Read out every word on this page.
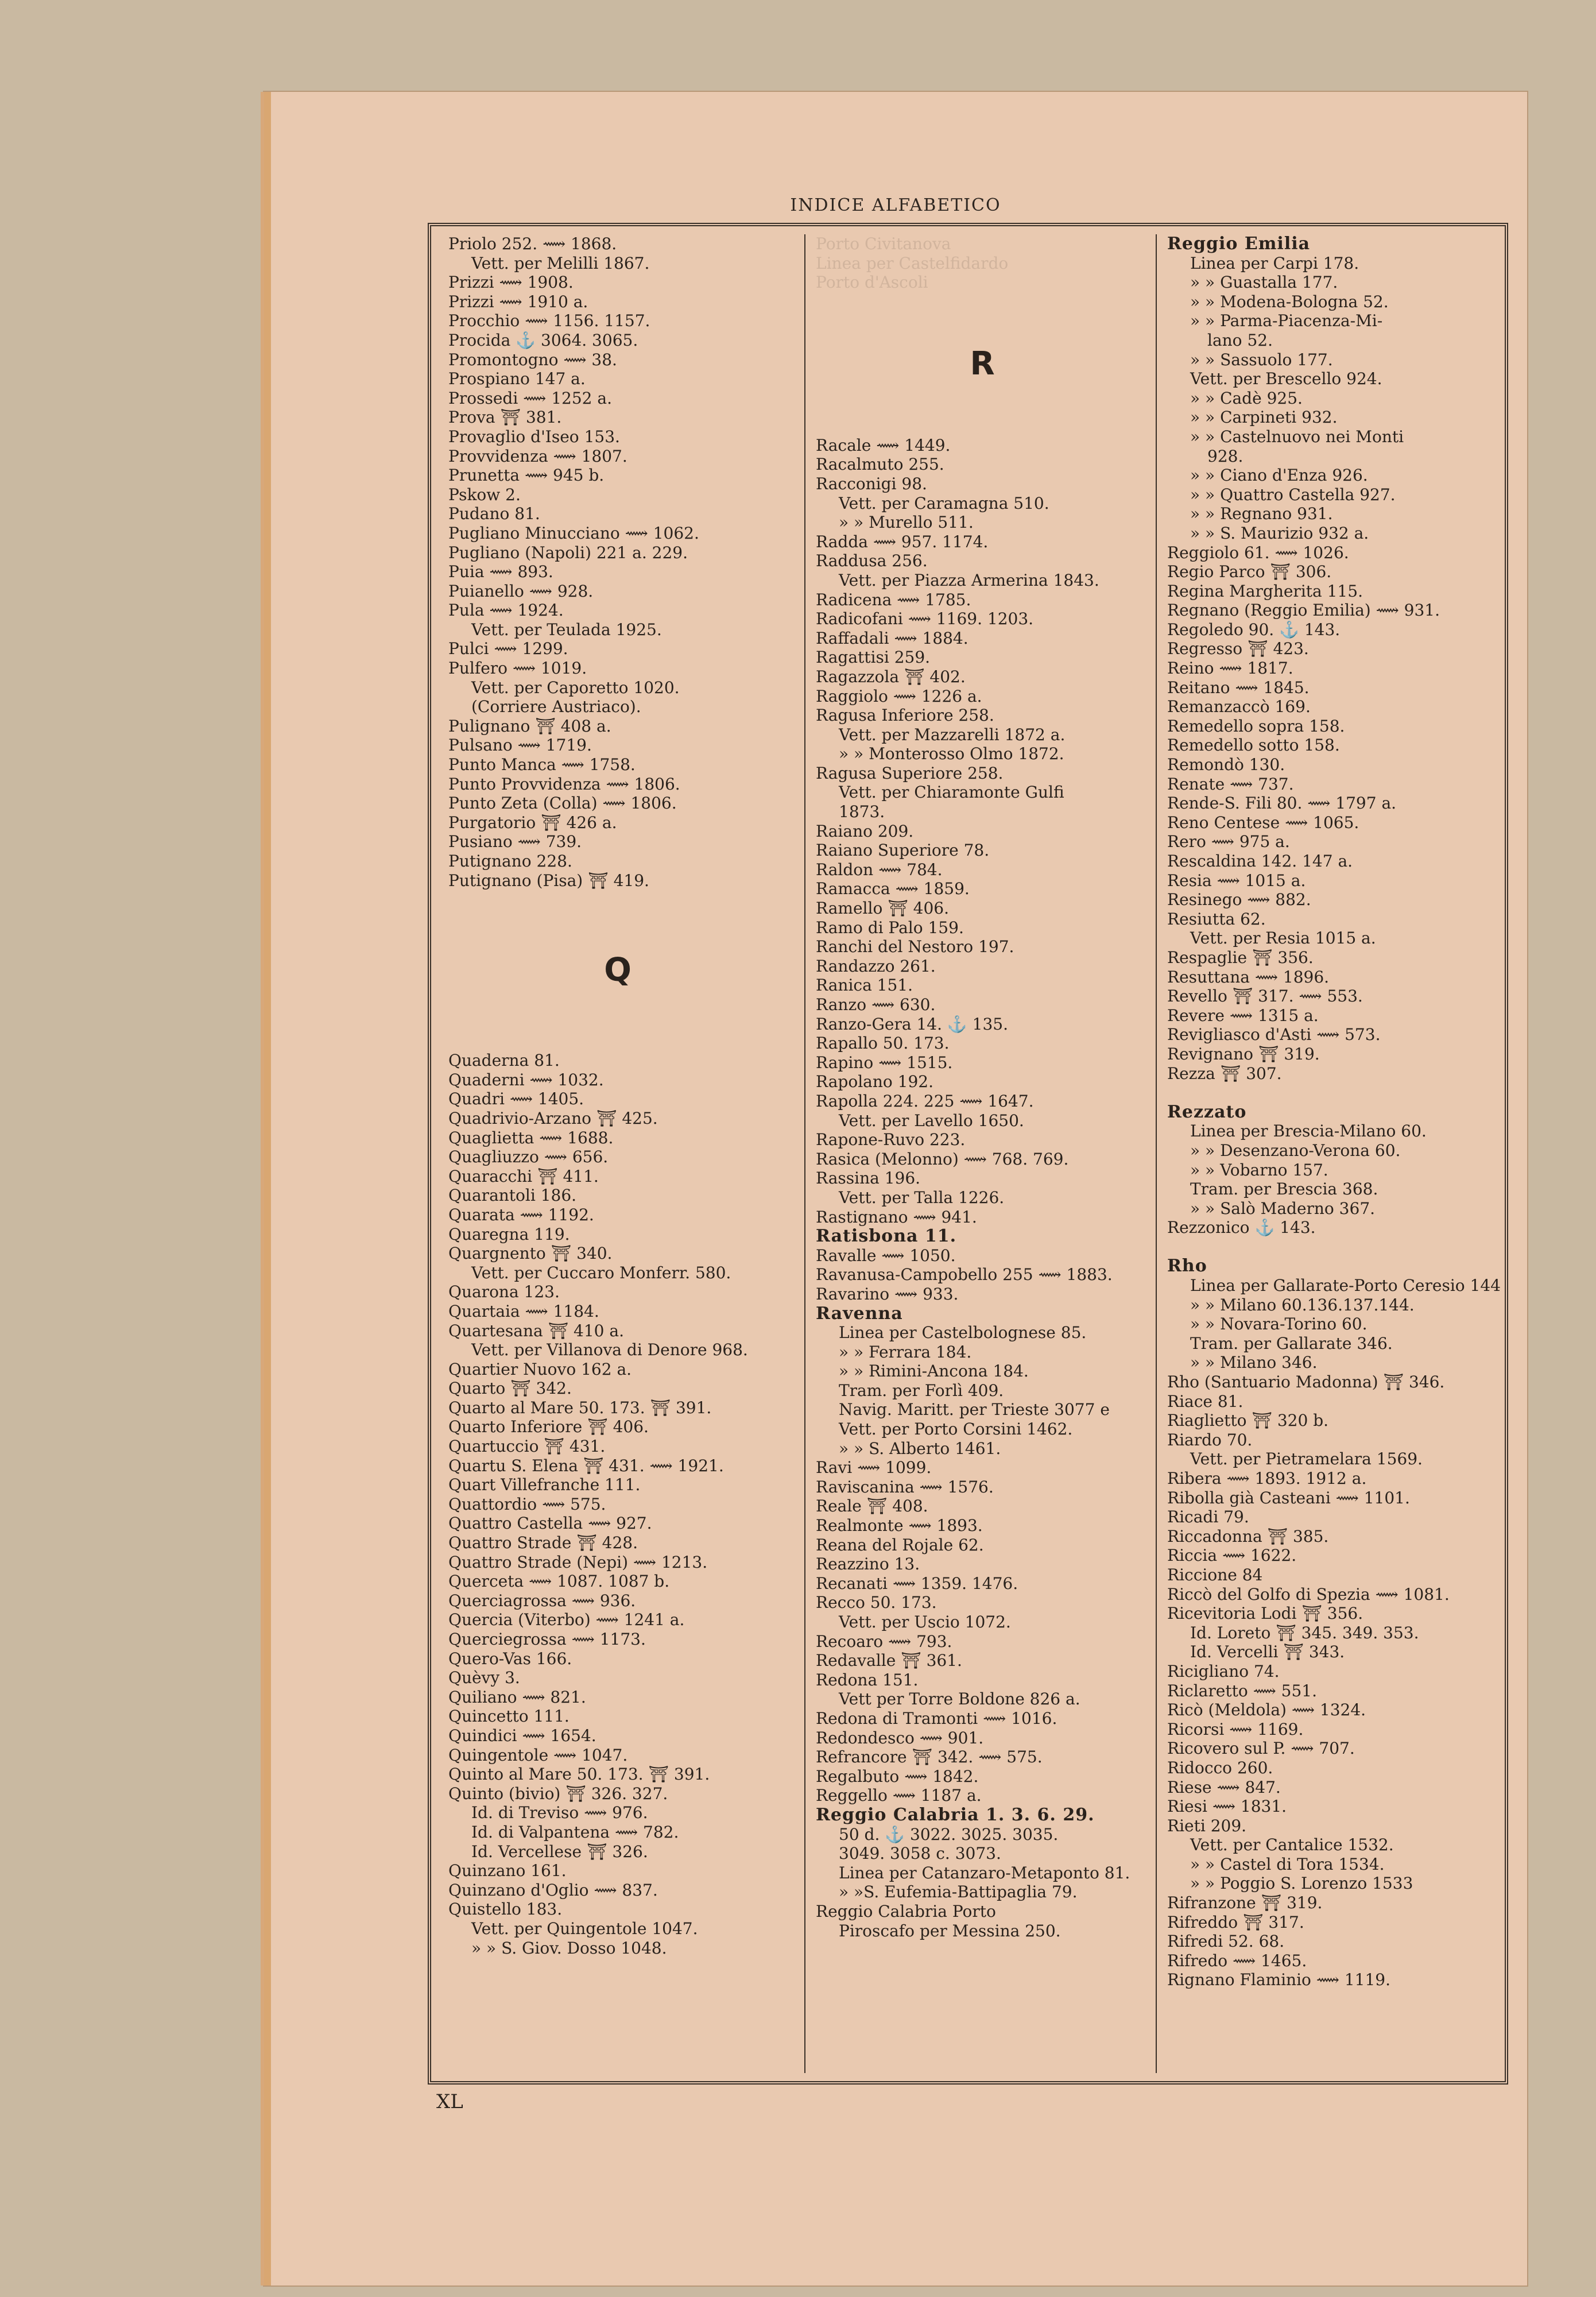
INDICE ALFABETICO
Priolo 252. ⟿ 1868.
Vett. per Melilli 1867.
Prizzi ⟿ 1908.
Prizzi ⟿ 1910 a.
Procchio ⟿ 1156. 1157.
Procida ⚓ 3064. 3065.
Promontogno ⟿ 38.
Prospiano 147 a.
Prossedi ⟿ 1252 a.
Prova ⛩ 381.
Provaglio d'Iseo 153.
Provvidenza ⟿ 1807.
Prunetta ⟿ 945 b.
Pskow 2.
Pudano 81.
Pugliano Minucciano ⟿ 1062.
Pugliano (Napoli) 221 a. 229.
Puia ⟿ 893.
Puianello ⟿ 928.
Pula ⟿ 1924.
Vett. per Teulada 1925.
Pulci ⟿ 1299.
Pulfero ⟿ 1019.
Vett. per Caporetto 1020.
(Corriere Austriaco).
Pulignano ⛩ 408 a.
Pulsano ⟿ 1719.
Punto Manca ⟿ 1758.
Punto Provvidenza ⟿ 1806.
Punto Zeta (Colla) ⟿ 1806.
Purgatorio ⛩ 426 a.
Pusiano ⟿ 739.
Putignano 228.
Putignano (Pisa) ⛩ 419.
Q
Quaderna 81.
Quaderni ⟿ 1032.
Quadri ⟿ 1405.
Quadrivio-Arzano ⛩ 425.
Quaglietta ⟿ 1688.
Quagliuzzo ⟿ 656.
Quaracchi ⛩ 411.
Quarantoli 186.
Quarata ⟿ 1192.
Quaregna 119.
Quargnento ⛩ 340.
Vett. per Cuccaro Monferr. 580.
Quarona 123.
Quartaia ⟿ 1184.
Quartesana ⛩ 410 a.
Vett. per Villanova di Denore 968.
Quartier Nuovo 162 a.
Quarto ⛩ 342.
Quarto al Mare 50. 173. ⛩ 391.
Quarto Inferiore ⛩ 406.
Quartuccio ⛩ 431.
Quartu S. Elena ⛩ 431. ⟿ 1921.
Quart Villefranche 111.
Quattordio ⟿ 575.
Quattro Castella ⟿ 927.
Quattro Strade ⛩ 428.
Quattro Strade (Nepi) ⟿ 1213.
Querceta ⟿ 1087. 1087 b.
Querciagrossa ⟿ 936.
Quercia (Viterbo) ⟿ 1241 a.
Querciegrossa ⟿ 1173.
Quero-Vas 166.
Quèvy 3.
Quiliano ⟿ 821.
Quincetto 111.
Quindici ⟿ 1654.
Quingentole ⟿ 1047.
Quinto al Mare 50. 173. ⛩ 391.
Quinto (bivio) ⛩ 326. 327.
Id. di Treviso ⟿ 976.
Id. di Valpantena ⟿ 782.
Id. Vercellese ⛩ 326.
Quinzano 161.
Quinzano d'Oglio ⟿ 837.
Quistello 183.
Vett. per Quingentole 1047.
» » S. Giov. Dosso 1048.
Porto Civitanova
Linea per Castelfidardo
Porto d'Ascoli
R
Racale ⟿ 1449.
Racalmuto 255.
Racconigi 98.
Vett. per Caramagna 510.
» » Murello 511.
Radda ⟿ 957. 1174.
Raddusa 256.
Vett. per Piazza Armerina 1843.
Radicena ⟿ 1785.
Radicofani ⟿ 1169. 1203.
Raffadali ⟿ 1884.
Ragattisi 259.
Ragazzola ⛩ 402.
Raggiolo ⟿ 1226 a.
Ragusa Inferiore 258.
Vett. per Mazzarelli 1872 a.
» » Monterosso Olmo 1872.
Ragusa Superiore 258.
Vett. per Chiaramonte Gulfi
1873.
Raiano 209.
Raiano Superiore 78.
Raldon ⟿ 784.
Ramacca ⟿ 1859.
Ramello ⛩ 406.
Ramo di Palo 159.
Ranchi del Nestoro 197.
Randazzo 261.
Ranica 151.
Ranzo ⟿ 630.
Ranzo-Gera 14. ⚓ 135.
Rapallo 50. 173.
Rapino ⟿ 1515.
Rapolano 192.
Rapolla 224. 225 ⟿ 1647.
Vett. per Lavello 1650.
Rapone-Ruvo 223.
Rasica (Melonno) ⟿ 768. 769.
Rassina 196.
Vett. per Talla 1226.
Rastignano ⟿ 941.
Ratisbona 11.
Ravalle ⟿ 1050.
Ravanusa-Campobello 255 ⟿ 1883.
Ravarino ⟿ 933.
Ravenna
Linea per Castelbolognese 85.
» » Ferrara 184.
» » Rimini-Ancona 184.
Tram. per Forlì 409.
Navig. Maritt. per Trieste 3077 e
Vett. per Porto Corsini 1462.
» » S. Alberto 1461.
Ravi ⟿ 1099.
Raviscanina ⟿ 1576.
Reale ⛩ 408.
Realmonte ⟿ 1893.
Reana del Rojale 62.
Reazzino 13.
Recanati ⟿ 1359. 1476.
Recco 50. 173.
Vett. per Uscio 1072.
Recoaro ⟿ 793.
Redavalle ⛩ 361.
Redona 151.
Vett per Torre Boldone 826 a.
Redona di Tramonti ⟿ 1016.
Redondesco ⟿ 901.
Refrancore ⛩ 342. ⟿ 575.
Regalbuto ⟿ 1842.
Reggello ⟿ 1187 a.
Reggio Calabria 1. 3. 6. 29.
50 d. ⚓ 3022. 3025. 3035.
3049. 3058 c. 3073.
Linea per Catanzaro-Metaponto 81.
» »S. Eufemia-Battipaglia 79.
Reggio Calabria Porto
Piroscafo per Messina 250.
Reggio Emilia
Linea per Carpi 178.
» » Guastalla 177.
» » Modena-Bologna 52.
» » Parma-Piacenza-Mi-
lano 52.
» » Sassuolo 177.
Vett. per Brescello 924.
» » Cadè 925.
» » Carpineti 932.
» » Castelnuovo nei Monti
928.
» » Ciano d'Enza 926.
» » Quattro Castella 927.
» » Regnano 931.
» » S. Maurizio 932 a.
Reggiolo 61. ⟿ 1026.
Regio Parco ⛩ 306.
Regina Margherita 115.
Regnano (Reggio Emilia) ⟿ 931.
Regoledo 90. ⚓ 143.
Regresso ⛩ 423.
Reino ⟿ 1817.
Reitano ⟿ 1845.
Remanzaccò 169.
Remedello sopra 158.
Remedello sotto 158.
Remondò 130.
Renate ⟿ 737.
Rende-S. Fili 80. ⟿ 1797 a.
Reno Centese ⟿ 1065.
Rero ⟿ 975 a.
Rescaldina 142. 147 a.
Resia ⟿ 1015 a.
Resinego ⟿ 882.
Resiutta 62.
Vett. per Resia 1015 a.
Respaglie ⛩ 356.
Resuttana ⟿ 1896.
Revello ⛩ 317. ⟿ 553.
Revere ⟿ 1315 a.
Revigliasco d'Asti ⟿ 573.
Revignano ⛩ 319.
Rezza ⛩ 307.
Rezzato
Linea per Brescia-Milano 60.
» » Desenzano-Verona 60.
» » Vobarno 157.
Tram. per Brescia 368.
» » Salò Maderno 367.
Rezzonico ⚓ 143.
Rho
Linea per Gallarate-Porto Ceresio 144
» » Milano 60.136.137.144.
» » Novara-Torino 60.
Tram. per Gallarate 346.
» » Milano 346.
Rho (Santuario Madonna) ⛩ 346.
Riace 81.
Riaglietto ⛩ 320 b.
Riardo 70.
Vett. per Pietramelara 1569.
Ribera ⟿ 1893. 1912 a.
Ribolla già Casteani ⟿ 1101.
Ricadi 79.
Riccadonna ⛩ 385.
Riccia ⟿ 1622.
Riccione 84
Riccò del Golfo di Spezia ⟿ 1081.
Ricevitoria Lodi ⛩ 356.
Id. Loreto ⛩ 345. 349. 353.
Id. Vercelli ⛩ 343.
Ricigliano 74.
Riclaretto ⟿ 551.
Ricò (Meldola) ⟿ 1324.
Ricorsi ⟿ 1169.
Ricovero sul P. ⟿ 707.
Ridocco 260.
Riese ⟿ 847.
Riesi ⟿ 1831.
Rieti 209.
Vett. per Cantalice 1532.
» » Castel di Tora 1534.
» » Poggio S. Lorenzo 1533
Rifranzone ⛩ 319.
Rifreddo ⛩ 317.
Rifredi 52. 68.
Rifredo ⟿ 1465.
Rignano Flaminio ⟿ 1119.
XL
